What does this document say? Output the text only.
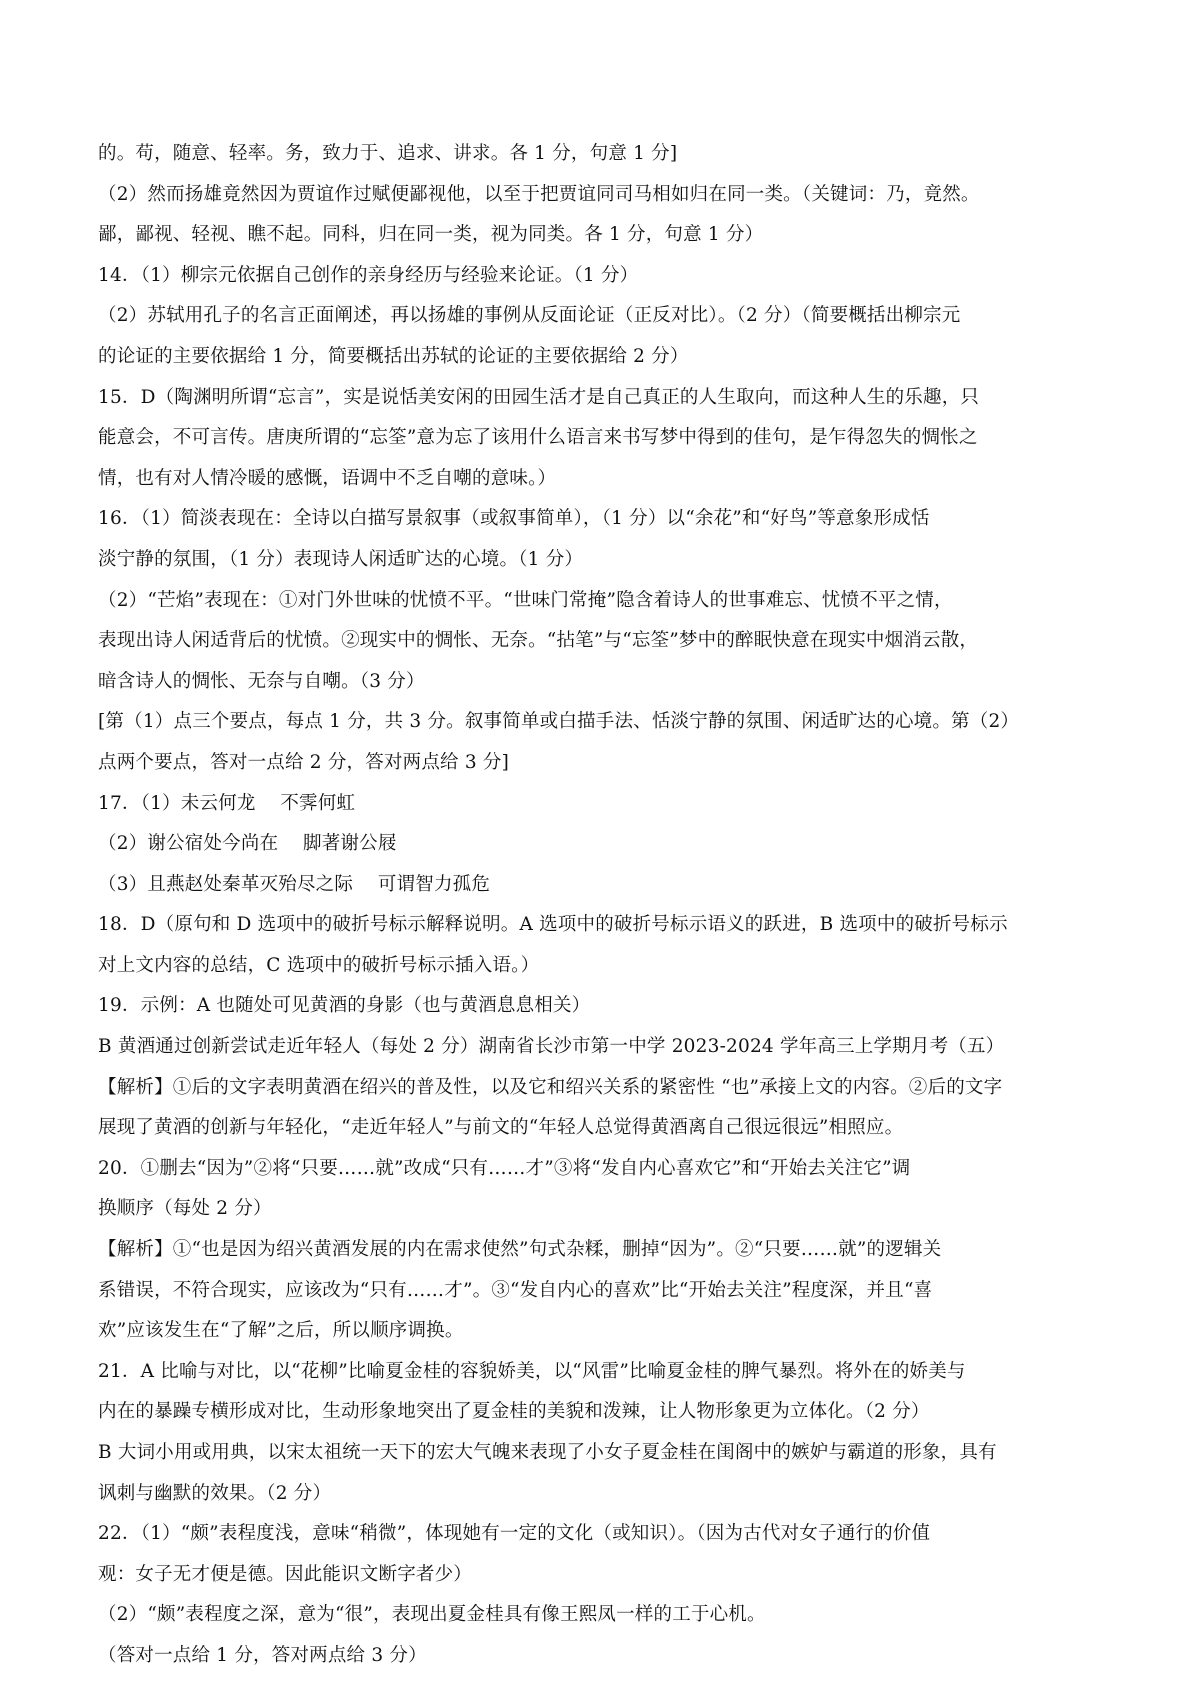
的。苟，随意、轻率。务，致力于、追求、讲求。各 1 分，句意 1 分]
（2）然而扬雄竟然因为贾谊作过赋便鄙视他，以至于把贾谊同司马相如归在同一类。（关键词：乃，竟然。
鄙，鄙视、轻视、瞧不起。同科，归在同一类，视为同类。各 1 分，句意 1 分）
14．（1）柳宗元依据自己创作的亲身经历与经验来论证。（1 分）
（2）苏轼用孔子的名言正面阐述，再以扬雄的事例从反面论证（正反对比）。（2 分）（简要概括出柳宗元
的论证的主要依据给 1 分，简要概括出苏轼的论证的主要依据给 2 分）
15．D（陶渊明所谓“忘言”，实是说恬美安闲的田园生活才是自己真正的人生取向，而这种人生的乐趣，只
能意会，不可言传。唐庚所谓的“忘筌”意为忘了该用什么语言来书写梦中得到的佳句，是乍得忽失的惆怅之
情，也有对人情冷暖的感慨，语调中不乏自嘲的意味。）
16．（1）简淡表现在：全诗以白描写景叙事（或叙事简单），（1 分）以“余花”和“好鸟”等意象形成恬
淡宁静的氛围，（1 分）表现诗人闲适旷达的心境。（1 分）
（2）“芒焰”表现在：①对门外世味的忧愤不平。“世味门常掩”隐含着诗人的世事难忘、忧愤不平之情，
表现出诗人闲适背后的忧愤。②现实中的惆怅、无奈。“拈笔”与“忘筌”梦中的醉眠快意在现实中烟消云散，
暗含诗人的惆怅、无奈与自嘲。（3 分）
[第（1）点三个要点，每点 1 分，共 3 分。叙事简单或白描手法、恬淡宁静的氛围、闲适旷达的心境。第（2）
点两个要点，答对一点给 2 分，答对两点给 3 分]
17．（1）未云何龙　 不霁何虹
（2）谢公宿处今尚在　 脚著谢公屐
（3）且燕赵处秦革灭殆尽之际　 可谓智力孤危
18．D（原句和 D 选项中的破折号标示解释说明。A 选项中的破折号标示语义的跃进，B 选项中的破折号标示
对上文内容的总结，C 选项中的破折号标示插入语。）
19．示例：A 也随处可见黄酒的身影（也与黄酒息息相关）
B 黄酒通过创新尝试走近年轻人（每处 2 分）湖南省长沙市第一中学 2023-2024 学年高三上学期月考（五）
【解析】①后的文字表明黄酒在绍兴的普及性，以及它和绍兴关系的紧密性 “也”承接上文的内容。②后的文字
展现了黄酒的创新与年轻化，“走近年轻人”与前文的“年轻人总觉得黄酒离自己很远很远”相照应。
20．①删去“因为”②将“只要……就”改成“只有……才”③将“发自内心喜欢它”和“开始去关注它”调
换顺序（每处 2 分）
【解析】①“也是因为绍兴黄酒发展的内在需求使然”句式杂糅，删掉“因为”。②“只要……就”的逻辑关
系错误，不符合现实，应该改为“只有……才”。③“发自内心的喜欢”比“开始去关注”程度深，并且“喜
欢”应该发生在“了解”之后，所以顺序调换。
21．A 比喻与对比，以“花柳”比喻夏金桂的容貌娇美，以“风雷”比喻夏金桂的脾气暴烈。将外在的娇美与
内在的暴躁专横形成对比，生动形象地突出了夏金桂的美貌和泼辣，让人物形象更为立体化。（2 分）
B 大词小用或用典，以宋太祖统一天下的宏大气魄来表现了小女子夏金桂在闺阁中的嫉妒与霸道的形象，具有
讽刺与幽默的效果。（2 分）
22．（1）“颇”表程度浅，意味“稍微”，体现她有一定的文化（或知识）。（因为古代对女子通行的价值
观：女子无才便是德。因此能识文断字者少）
（2）“颇”表程度之深，意为“很”，表现出夏金桂具有像王熙凤一样的工于心机。
（答对一点给 1 分，答对两点给 3 分）
